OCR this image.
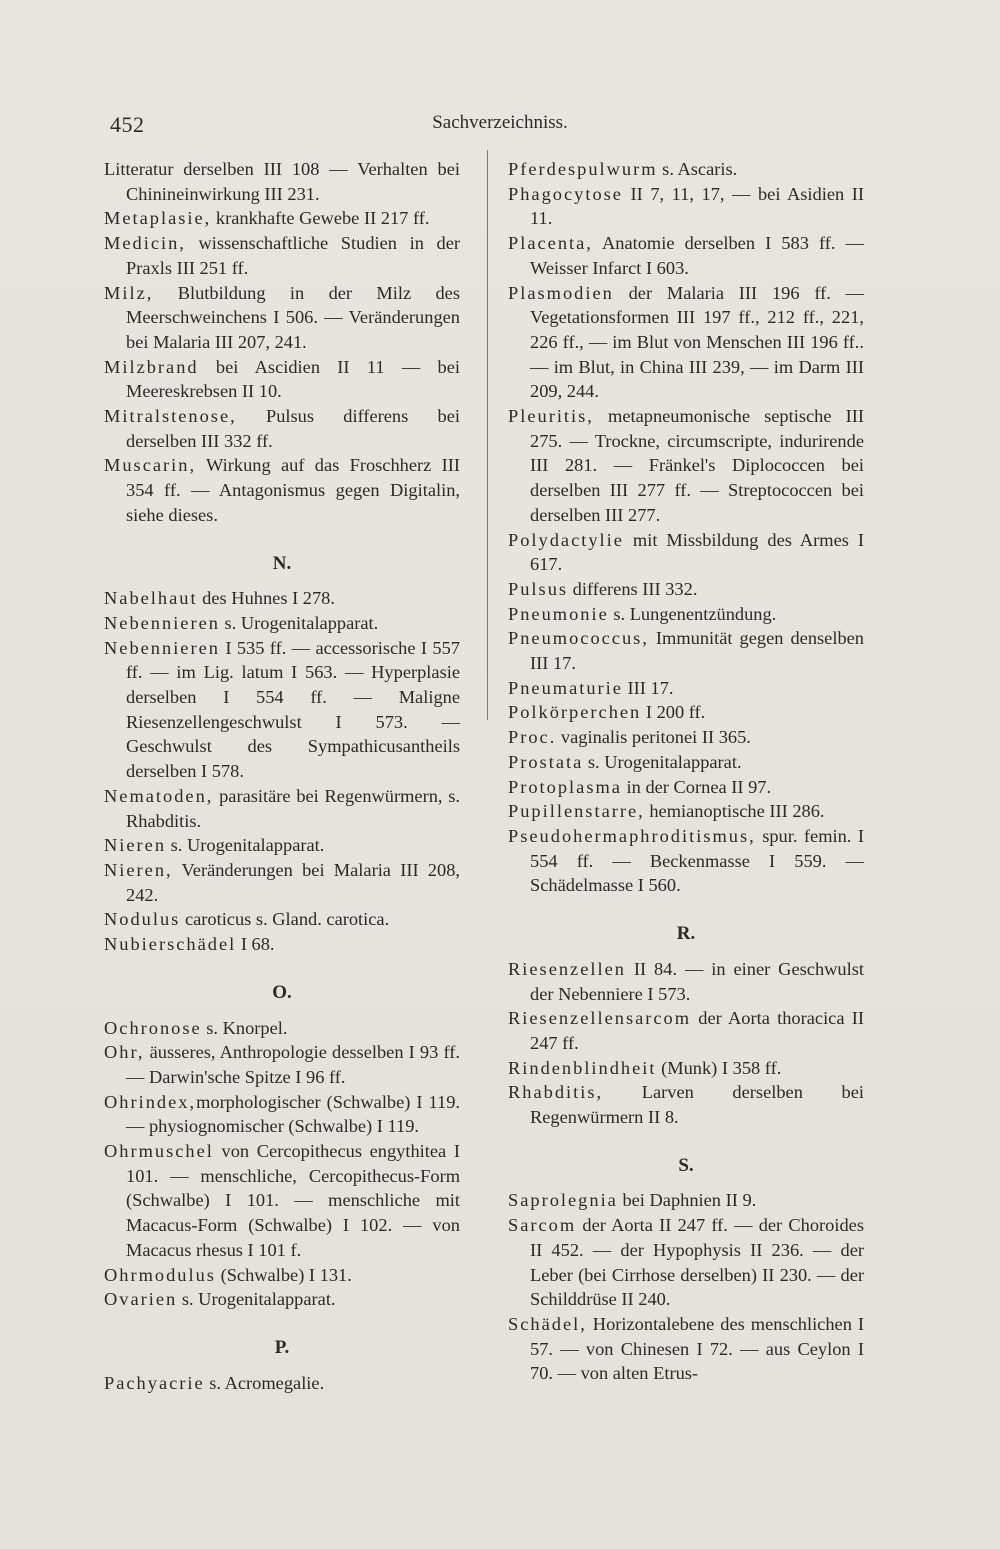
452	Sachverzeichniss.

Litteratur derselben III 108 — Verhalten bei Chinineinwirkung III 231.

Metaplasie, krankhafte Gewebe II 217 ff.

Medicin, wissenschaftliche Studien in der Praxls III 251 ff.

Milz, Blutbildung in der Milz des Meerschweinchens I 506. — Veränderungen bei Malaria III 207, 241.

Milzbrand bei Ascidien II 11 — bei Meereskrebsen II 10.

Mitralstenose, Pulsus differens bei derselben III 332 ff.

Muscarin, Wirkung auf das Froschherz III 354 ff. — Antagonismus gegen Digitalin, siehe dieses.

N.

Nabelhaut des Huhnes I 278.

Nebennieren s. Urogenitalapparat.

Nebennieren I 535 ff. — accessorische I 557 ff. — im Lig. latum I 563. — Hyperplasie derselben I 554 ff. — Maligne Riesenzellengeschwulst I 573. — Geschwulst des Sympathicusantheils derselben I 578.

Nematoden, parasitäre bei Regenwürmern, s. Rhabditis.

Nieren s. Urogenitalapparat.

Nieren, Veränderungen bei Malaria III 208, 242.

Nodulus caroticus s. Gland. carotica.

Nubierschädel I 68.

O.

Ochronose s. Knorpel.

Ohr, äusseres, Anthropologie desselben I 93 ff. — Darwin'sche Spitze I 96 ff.

Ohrindex,morphologischer (Schwalbe) I 119. — physiognomischer (Schwalbe) I 119.

Ohrmuschel von Cercopithecus engythitea I 101. — menschliche, Cercopithecus-Form (Schwalbe) I 101. — menschliche mit Macacus-Form (Schwalbe) I 102. — von Macacus rhesus I 101 f.

Ohrmodulus (Schwalbe) I 131.

Ovarien s. Urogenitalapparat.

P.

Pachyacrie s. Acromegalie.

Pferdespulwurm s. Ascaris.

Phagocytose II 7, 11, 17, — bei Asidien II 11.

Placenta, Anatomie derselben I 583 ff. — Weisser Infarct I 603.

Plasmodien der Malaria III 196 ff. — Vegetationsformen III 197 ff., 212 ff., 221, 226 ff., — im Blut von Menschen III 196 ff.. — im Blut, in China III 239, — im Darm III 209, 244.

Pleuritis, metapneumonische septische III 275. — Trockne, circumscripte, indurirende III 281. — Fränkel's Diplococcen bei derselben III 277 ff. — Streptococcen bei derselben III 277.

Polydactylie mit Missbildung des Armes I 617.

Pulsus differens III 332.

Pneumonie s. Lungenentzündung.

Pneumococcus, Immunität gegen denselben III 17.

Pneumaturie III 17.

Polkörperchen I 200 ff.

Proc. vaginalis peritonei II 365.

Prostata s. Urogenitalapparat.

Protoplasma in der Cornea II 97.

Pupillenstarre, hemianoptische III 286.

Pseudohermaphroditismus, spur. femin. I 554 ff. — Beckenmasse I 559. — Schädelmasse I 560.

R.

Riesenzellen II 84. — in einer Geschwulst der Nebenniere I 573.

Riesenzellensarcom der Aorta thoracica II 247 ff.

Rindenblindheit (Munk) I 358 ff.

Rhabditis, Larven derselben bei Regenwürmern II 8.

S.

Saprolegnia bei Daphnien II 9.

Sarcom der Aorta II 247 ff. — der Choroides II 452. — der Hypophysis II 236. — der Leber (bei Cirrhose derselben) II 230. — der Schilddrüse II 240.

Schädel, Horizontalebene des menschlichen I 57. — von Chinesen I 72. — aus Ceylon I 70. — von alten Etrus-
